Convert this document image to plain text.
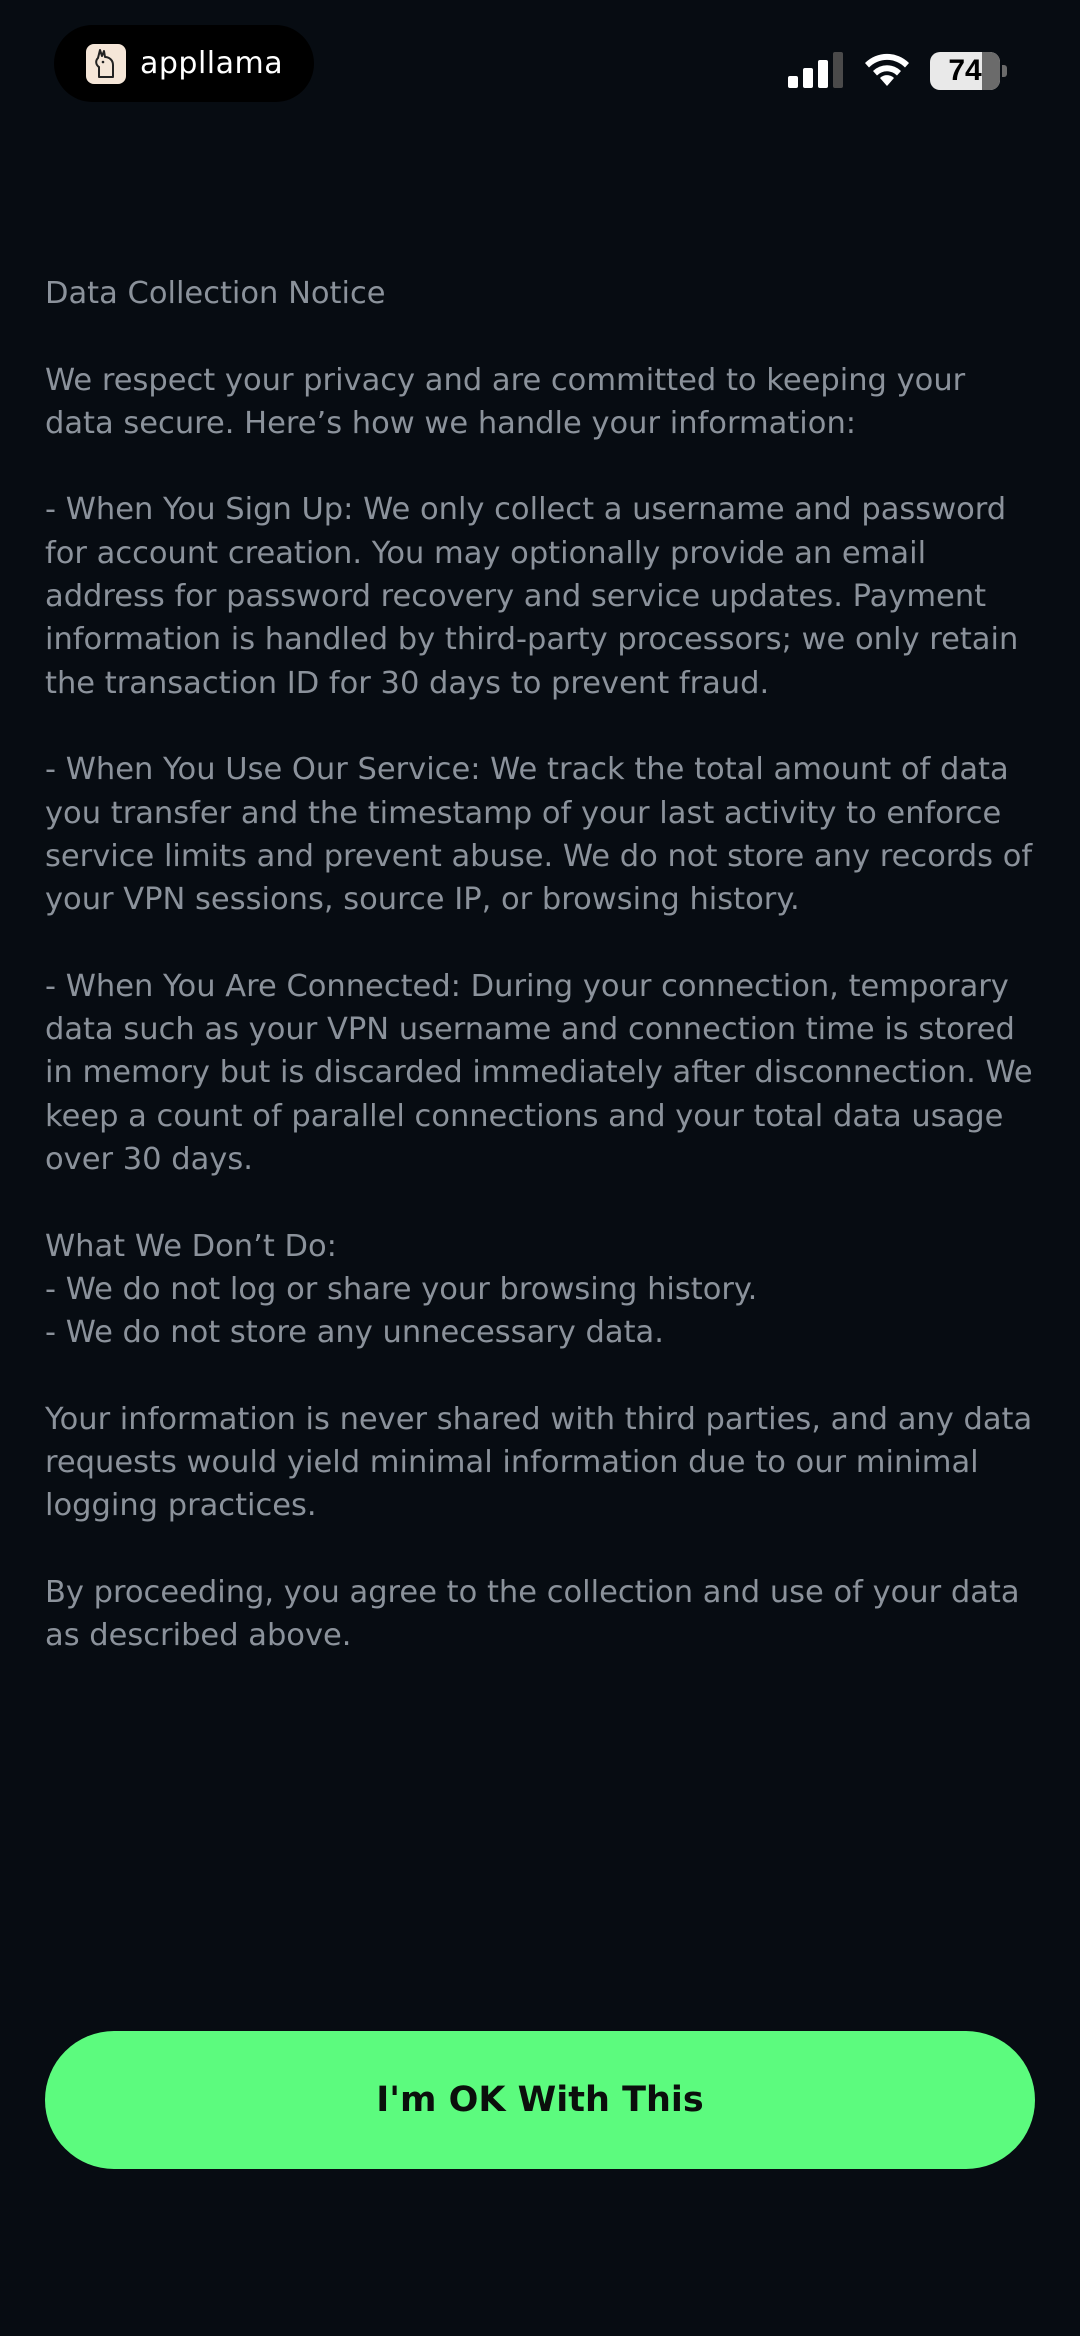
appllama	74

Data Collection Notice

We respect your privacy and are committed to keeping your data secure. Here’s how we handle your information:

- When You Sign Up: We only collect a username and password for account creation. You may optionally provide an email address for password recovery and service updates. Payment information is handled by third-party processors; we only retain the transaction ID for 30 days to prevent fraud.

- When You Use Our Service: We track the total amount of data you transfer and the timestamp of your last activity to enforce service limits and prevent abuse. We do not store any records of your VPN sessions, source IP, or browsing history.

- When You Are Connected: During your connection, temporary data such as your VPN username and connection time is stored in memory but is discarded immediately after disconnection. We keep a count of parallel connections and your total data usage over 30 days.

What We Don’t Do:

- We do not log or share your browsing history.

- We do not store any unnecessary data.

Your information is never shared with third parties, and any data requests would yield minimal information due to our minimal logging practices.

By proceeding, you agree to the collection and use of your data as described above.

I'm OK With This
